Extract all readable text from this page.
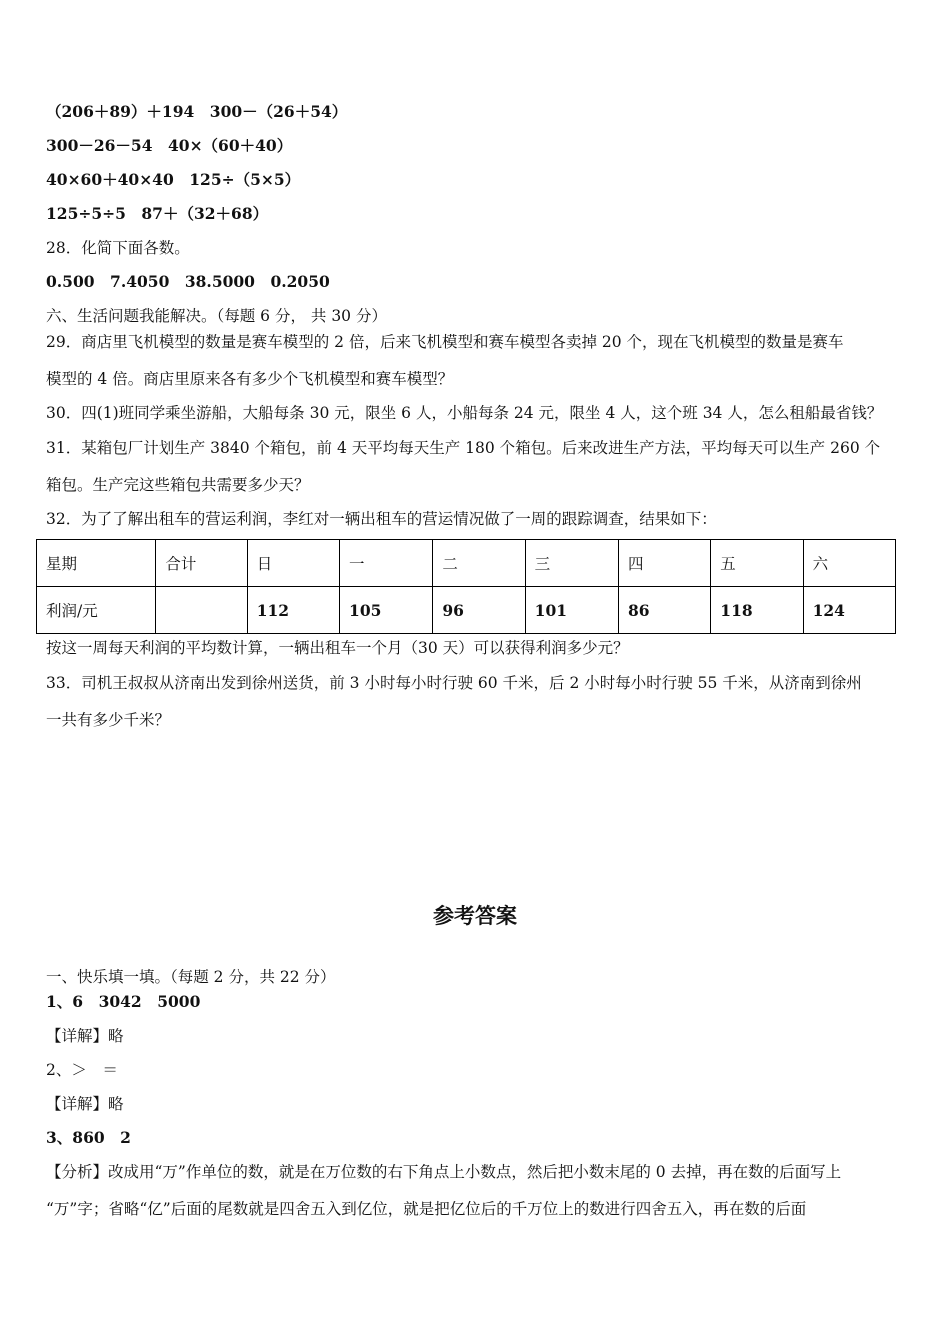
（206＋89）＋194　300－（26＋54）
300－26－54　40×（60＋40）
40×60＋40×40　125÷（5×5）
125÷5÷5　87＋（32＋68）
28．化简下面各数。
0.500　7.4050　38.5000　0.2050
六、生活问题我能解决。（每题 6 分， 共 30 分）
29．商店里飞机模型的数量是赛车模型的 2 倍，后来飞机模型和赛车模型各卖掉 20 个，现在飞机模型的数量是赛车
模型的 4 倍。商店里原来各有多少个飞机模型和赛车模型？
30．四(1)班同学乘坐游船，大船每条 30 元，限坐 6 人，小船每条 24 元，限坐 4 人，这个班 34 人，怎么租船最省钱？
31．某箱包厂计划生产 3840 个箱包，前 4 天平均每天生产 180 个箱包。后来改进生产方法，平均每天可以生产 260 个
箱包。生产完这些箱包共需要多少天？
32．为了了解出租车的营运利润，李红对一辆出租车的营运情况做了一周的跟踪调查，结果如下：
星期	合计	日	一	二	三	四	五	六
利润/元		112	105	96	101	86	118	124
按这一周每天利润的平均数计算，一辆出租车一个月（30 天）可以获得利润多少元？
33．司机王叔叔从济南出发到徐州送货，前 3 小时每小时行驶 60 千米，后 2 小时每小时行驶 55 千米，从济南到徐州
一共有多少千米？
参考答案
一、快乐填一填。（每题 2 分，共 22 分）
1、6　3042　5000
【详解】略
2、＞　＝
【详解】略
3、860　2
【分析】改成用“万”作单位的数，就是在万位数的右下角点上小数点，然后把小数末尾的 0 去掉，再在数的后面写上
“万”字；省略“亿”后面的尾数就是四舍五入到亿位，就是把亿位后的千万位上的数进行四舍五入，再在数的后面
